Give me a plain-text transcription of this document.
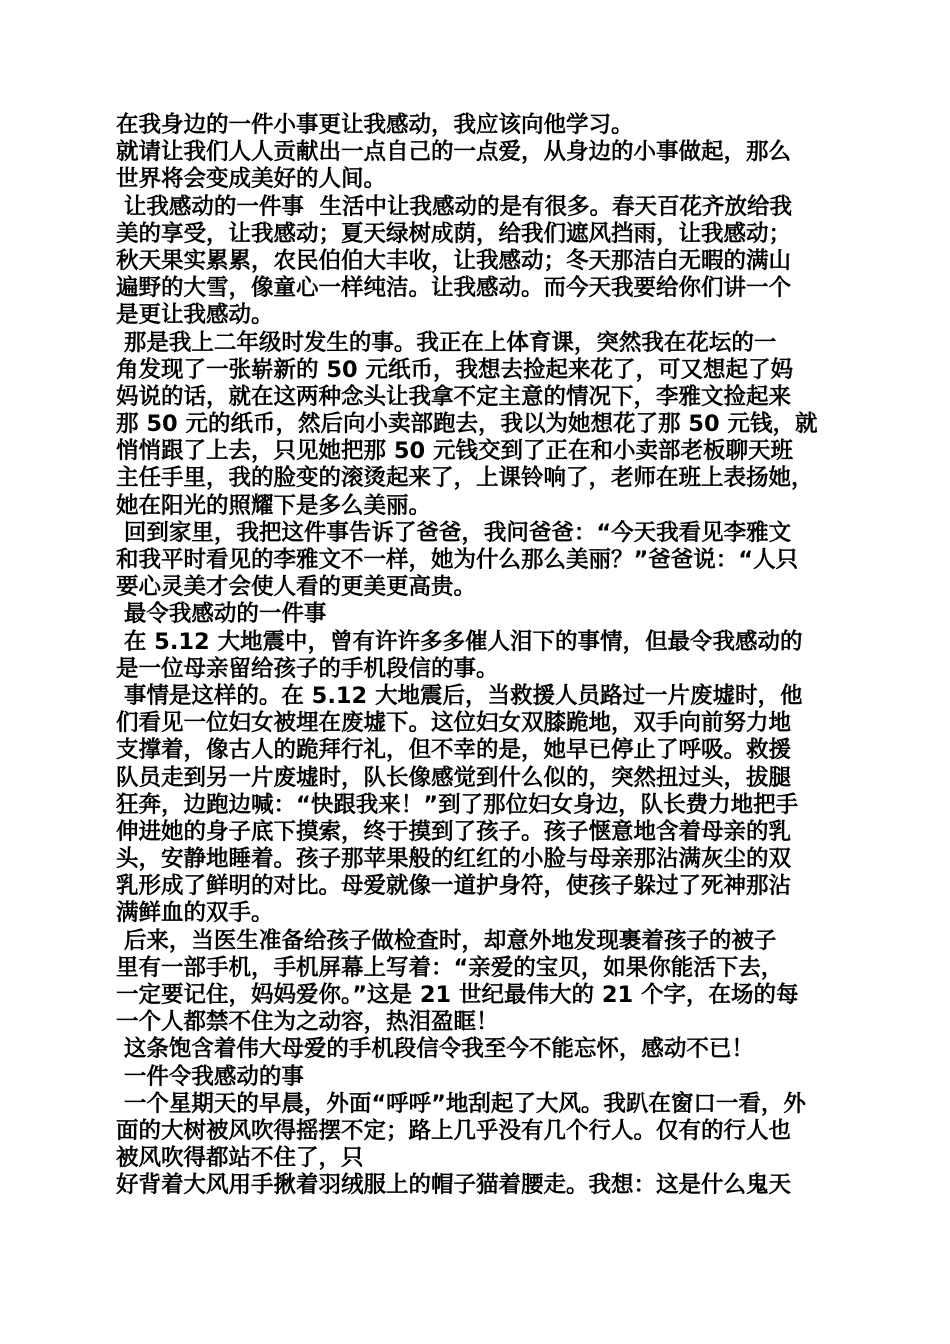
在我身边的一件小事更让我感动，我应该向他学习。
就请让我们人人贡献出一点自己的一点爱，从身边的小事做起，那么
世界将会变成美好的人间。
让我感动的一件事  生活中让我感动的是有很多。春天百花齐放给我
美的享受，让我感动；夏天绿树成荫，给我们遮风挡雨，让我感动；
秋天果实累累，农民伯伯大丰收，让我感动；冬天那洁白无暇的满山
遍野的大雪，像童心一样纯洁。让我感动。而今天我要给你们讲一个
是更让我感动。
那是我上二年级时发生的事。我正在上体育课，突然我在花坛的一
角发现了一张崭新的 50 元纸币，我想去捡起来花了，可又想起了妈
妈说的话，就在这两种念头让我拿不定主意的情况下，李雅文捡起来
那 50 元的纸币，然后向小卖部跑去，我以为她想花了那 50 元钱，就
悄悄跟了上去，只见她把那 50 元钱交到了正在和小卖部老板聊天班
主任手里，我的脸变的滚烫起来了，上课铃响了，老师在班上表扬她，
她在阳光的照耀下是多么美丽。
回到家里，我把这件事告诉了爸爸，我问爸爸：“今天我看见李雅文
和我平时看见的李雅文不一样，她为什么那么美丽？”爸爸说：“人只
要心灵美才会使人看的更美更高贵。
最令我感动的一件事
在 5.12 大地震中，曾有许许多多催人泪下的事情，但最令我感动的
是一位母亲留给孩子的手机段信的事。
事情是这样的。在 5.12 大地震后，当救援人员路过一片废墟时，他
们看见一位妇女被埋在废墟下。这位妇女双膝跪地，双手向前努力地
支撑着，像古人的跪拜行礼，但不幸的是，她早已停止了呼吸。救援
队员走到另一片废墟时，队长像感觉到什么似的，突然扭过头，拔腿
狂奔，边跑边喊：“快跟我来！”到了那位妇女身边，队长费力地把手
伸进她的身子底下摸索，终于摸到了孩子。孩子惬意地含着母亲的乳
头，安静地睡着。孩子那苹果般的红红的小脸与母亲那沾满灰尘的双
乳形成了鲜明的对比。母爱就像一道护身符，使孩子躲过了死神那沾
满鲜血的双手。
后来，当医生准备给孩子做检查时，却意外地发现裹着孩子的被子
里有一部手机，手机屏幕上写着：“亲爱的宝贝，如果你能活下去，
一定要记住，妈妈爱你。”这是 21 世纪最伟大的 21 个字，在场的每
一个人都禁不住为之动容，热泪盈眶！
这条饱含着伟大母爱的手机段信令我至今不能忘怀，感动不已！
一件令我感动的事
一个星期天的早晨，外面“呼呼”地刮起了大风。我趴在窗口一看，外
面的大树被风吹得摇摆不定；路上几乎没有几个行人。仅有的行人也
被风吹得都站不住了，只
好背着大风用手揪着羽绒服上的帽子猫着腰走。我想：这是什么鬼天
